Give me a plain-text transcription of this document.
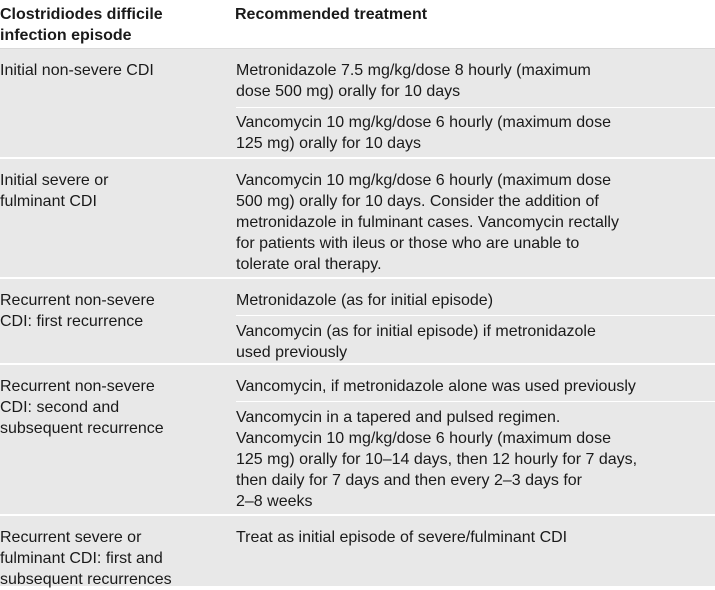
Clostridiodes difficile
infection episode
Recommended treatment
Initial non-severe CDI	Metronidazole 7.5 mg/kg/dose 8 hourly (maximum
dose 500 mg) orally for 10 days
Vancomycin 10 mg/kg/dose 6 hourly (maximum dose
125 mg) orally for 10 days
Initial severe or
fulminant CDI
Vancomycin 10 mg/kg/dose 6 hourly (maximum dose
500 mg) orally for 10 days. Consider the addition of
metronidazole in fulminant cases. Vancomycin rectally
for patients with ileus or those who are unable to
tolerate oral therapy.
Recurrent non-severe
CDI: first recurrence
Metronidazole (as for initial episode)
Vancomycin (as for initial episode) if metronidazole
used previously
Recurrent non-severe
CDI: second and
subsequent recurrence
Vancomycin, if metronidazole alone was used previously
Vancomycin in a tapered and pulsed regimen.
Vancomycin 10 mg/kg/dose 6 hourly (maximum dose
125 mg) orally for 10–14 days, then 12 hourly for 7 days,
then daily for 7 days and then every 2–3 days for
2–8 weeks
Recurrent severe or
fulminant CDI: first and
subsequent recurrences
Treat as initial episode of severe/fulminant CDI
